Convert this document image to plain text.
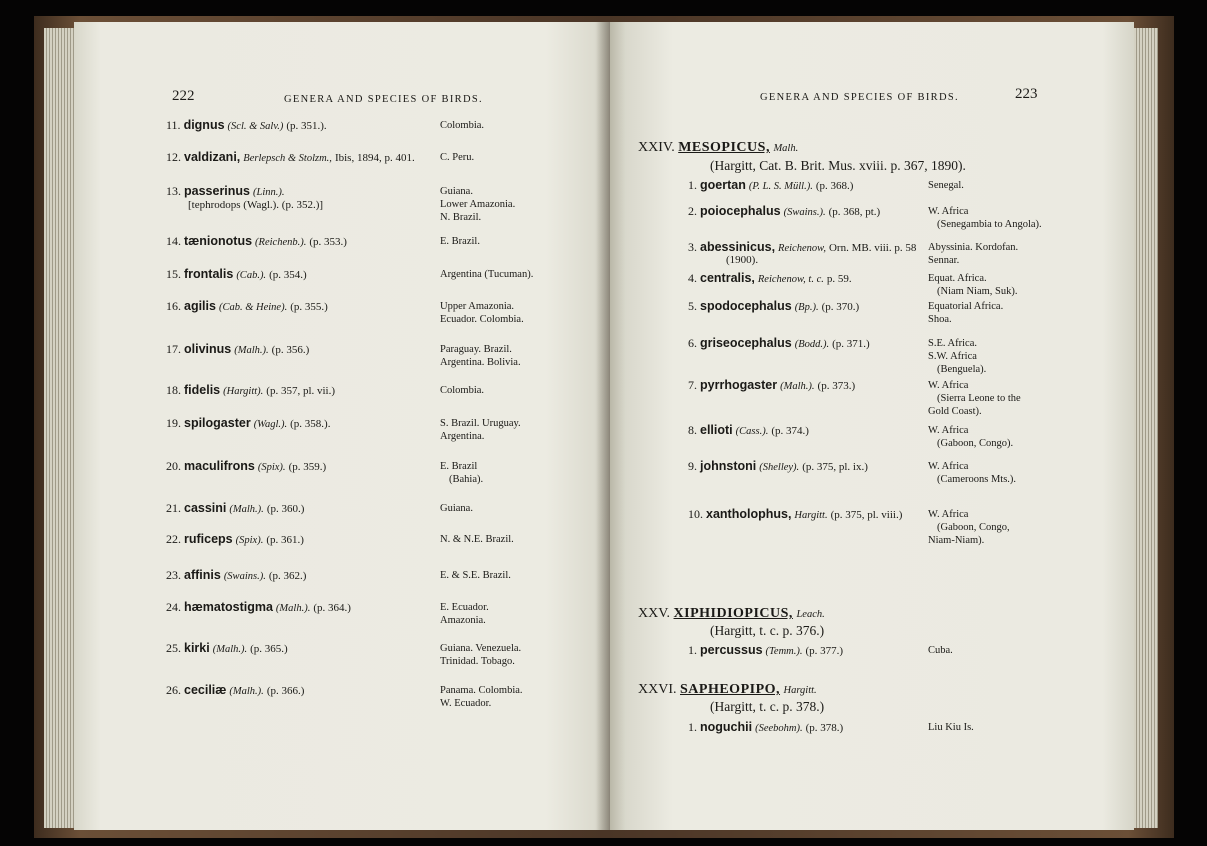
222	GENERA AND SPECIES OF BIRDS.
11. dignus (Scl. & Salv.) (p. 351.).	Colombia.
12. valdizani, Berlepsch & Stolzm., Ibis, 1894, p. 401. C. Peru.
13. passerinus (Linn.).
[tephrodops (Wagl.). (p. 352.)]
Guiana.
Lower Amazonia.
N. Brazil.
14. tænionotus (Reichenb.). (p. 353.)	E. Brazil.
15. frontalis (Cab.). (p. 354.)	Argentina (Tucuman).
16. agilis (Cab. & Heine). (p. 355.)	Upper Amazonia.
Ecuador. Colombia.
17. olivinus (Malh.). (p. 356.)	Paraguay. Brazil.
Argentina. Bolivia.
18. fidelis (Hargitt). (p. 357, pl. vii.)	Colombia.
19. spilogaster (Wagl.). (p. 358.).	S. Brazil. Uruguay.
Argentina.
20. maculifrons (Spix). (p. 359.)	E. Brazil
(Bahia).
21. cassini (Malh.). (p. 360.)	Guiana.
22. ruficeps (Spix). (p. 361.)	N. & N.E. Brazil.
23. affinis (Swains.). (p. 362.)	E. & S.E. Brazil.
24. hæmatostigma (Malh.). (p. 364.)	E. Ecuador.
Amazonia.
25. kirki (Malh.). (p. 365.)	Guiana. Venezuela.
Trinidad. Tobago.
26. ceciliæ (Malh.). (p. 366.)	Panama. Colombia.
W. Ecuador.
GENERA AND SPECIES OF BIRDS.	223
XXIV. MESOPICUS, Malh.
(Hargitt, Cat. B. Brit. Mus. xviii. p. 367, 1890).
1. goertan (P. L. S. Müll.). (p. 368.)	Senegal.
2. poiocephalus (Swains.). (p. 368, pt.)	W. Africa
(Senegambia to Angola).
3. abessinicus, Reichenow, Orn. MB. viii. p. 58
(1900).
Abyssinia. Kordofan.
Sennar.
4. centralis, Reichenow, t. c. p. 59.	Equat. Africa.
(Niam Niam, Suk).
5. spodocephalus (Bp.). (p. 370.)	Equatorial Africa.
Shoa.
6. griseocephalus (Bodd.). (p. 371.)	S.E. Africa.
S.W. Africa
(Benguela).
7. pyrrhogaster (Malh.). (p. 373.)	W. Africa
(Sierra Leone to the
Gold Coast).
8. ellioti (Cass.). (p. 374.)	W. Africa
(Gaboon, Congo).
9. johnstoni (Shelley). (p. 375, pl. ix.)	W. Africa
(Cameroons Mts.).
10. xantholophus, Hargitt. (p. 375, pl. viii.) W. Africa
(Gaboon, Congo,
Niam-Niam).
XXV. XIPHIDIOPICUS, Leach.
(Hargitt, t. c. p. 376.)
1. percussus (Temm.). (p. 377.)	Cuba.
XXVI. SAPHEOPIPO, Hargitt.
(Hargitt, t. c. p. 378.)
1. noguchii (Seebohm). (p. 378.)	Liu Kiu Is.
